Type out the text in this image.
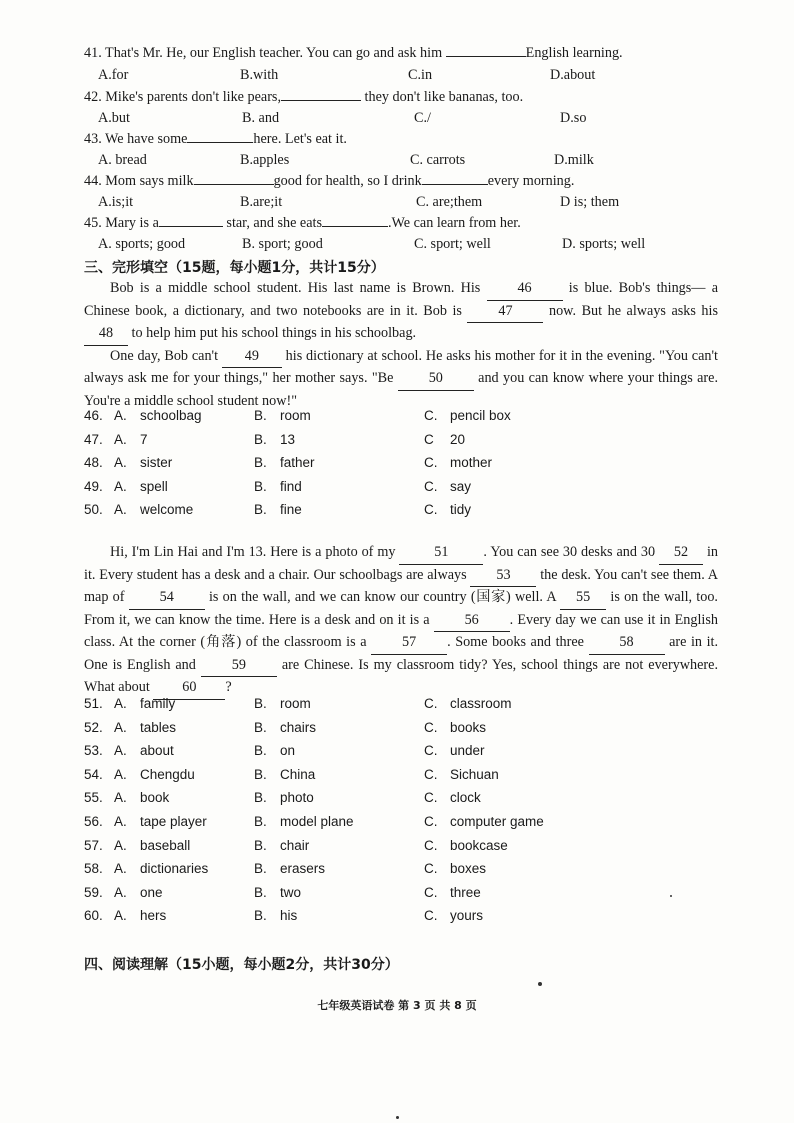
41. That's Mr. He, our English teacher. You can go and ask him	English learning.
A.for	B.with	C.in	D.about
42. Mike's parents don't like pears,	they don't like bananas, too.
A.but	B. and	C./	D.so
43. We have some	here. Let's eat it.
A. bread	B.apples	C. carrots	D.milk
44. Mom says milk	good for health, so I drink	every morning.
A.is;it	B.are;it	C. are;them	D is; them
45. Mary is a	star, and she eats	.We can learn from her.
A. sports; good	B. sport; good	C. sport; well	D. sports; well
三、完形填空（15题，每小题1分，共计15分）
Bob is a middle school student. His last name is Brown. His 46 is blue. Bob's things— a Chinese book, a dictionary, and two notebooks are in it. Bob is 47 now. But he always asks his 48 to help him put his school things in his schoolbag.
One day, Bob can't 49 his dictionary at school. He asks his mother for it in the evening. "You can't always ask me for your things," her mother says. "Be 50 and you can know where your things are. You're a middle school student now!"
46. A. schoolbag	B. room	C. pencil box
47. A. 7	B. 13	C 20
48. A. sister	B. father	C. mother
49. A. spell	B. find	C. say
50. A. welcome	B. fine	C. tidy
Hi, I'm Lin Hai and I'm 13. Here is a photo of my 51 . You can see 30 desks and 30 52 in it. Every student has a desk and a chair. Our schoolbags are always 53 the desk. You can't see them. A map of 54 is on the wall, and we can know our country (国家) well. A 55 is on the wall, too. From it, we can know the time. Here is a desk and on it is a 56 . Every day we can use it in English class. At the corner (角落) of the classroom is a 57 . Some books and three 58 are in it. One is English and 59 are Chinese. Is my classroom tidy? Yes, school things are not everywhere. What about 60 ?
51. A. family	B. room	C. classroom
52. A. tables	B. chairs	C. books
53. A. about	B. on	C. under
54. A. Chengdu	B. China	C. Sichuan
55. A. book	B. photo	C. clock
56. A. tape player	B. model plane	C. computer game
57. A. baseball	B. chair	C. bookcase
58. A. dictionaries	B. erasers	C. boxes
59. A. one	B. two	C. three
60. A. hers	B. his	C. yours
四、阅读理解（15小题，每小题2分，共计30分）
七年级英语试卷 第 3 页 共 8 页
